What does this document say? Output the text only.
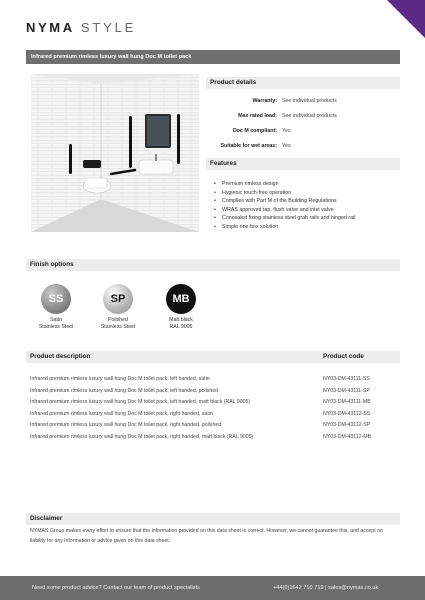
NYMA STYLE
Infrared premium rimless luxury wall hung Doc M toilet pack
Product details
Warranty: See individual products
Max rated load: See individual products
Doc M compliant: Yes
Suitable for wet areas: Yes
Features
• Premium rimless design
• Hygienic touch-free operation
• Complies with Part M of the Building Regulations
• WRAS approved tap, flush valve and inlet valve
• Concealed fixing stainless steel grab rails and hinged rail
• Simple one box solution
Finish options
SS
Satin
Stainless Steel
SP
Polished
Stainless Steel
MB
Matt black
RAL 9005
Product description	Product code
Infrared premium rimless luxury wall hung Doc M toilet pack, left handed, satin	NY03-DM-43111-SS
Infrared premium rimless luxury wall hung Doc M toilet pack, left handed, polished	NY03-DM-43111-SP
Infrared premium rimless luxury wall hung Doc M toilet pack, left handed, matt black (RAL 9005)	NY03-DM-43111-MB
Infrared premium rimless luxury wall hung Doc M toilet pack, right handed, satin	NY03-DM-43112-SS
Infrared premium rimless luxury wall hung Doc M toilet pack, right handed, polished	NY03-DM-43112-SP
Infrared premium rimless luxury wall hung Doc M toilet pack, right handed, matt black (RAL 9005)	NY03-DM-43112-MB
Disclaimer
NYMAS Group makes every effort to ensure that the information provided on this data sheet is correct. However, we cannot guarantee this, and accept no liability for any information or advice given on this data sheet.
Need some product advice? Contact our team of product specialists	+44(0)1642 710 719 | sales@nymas.co.uk
